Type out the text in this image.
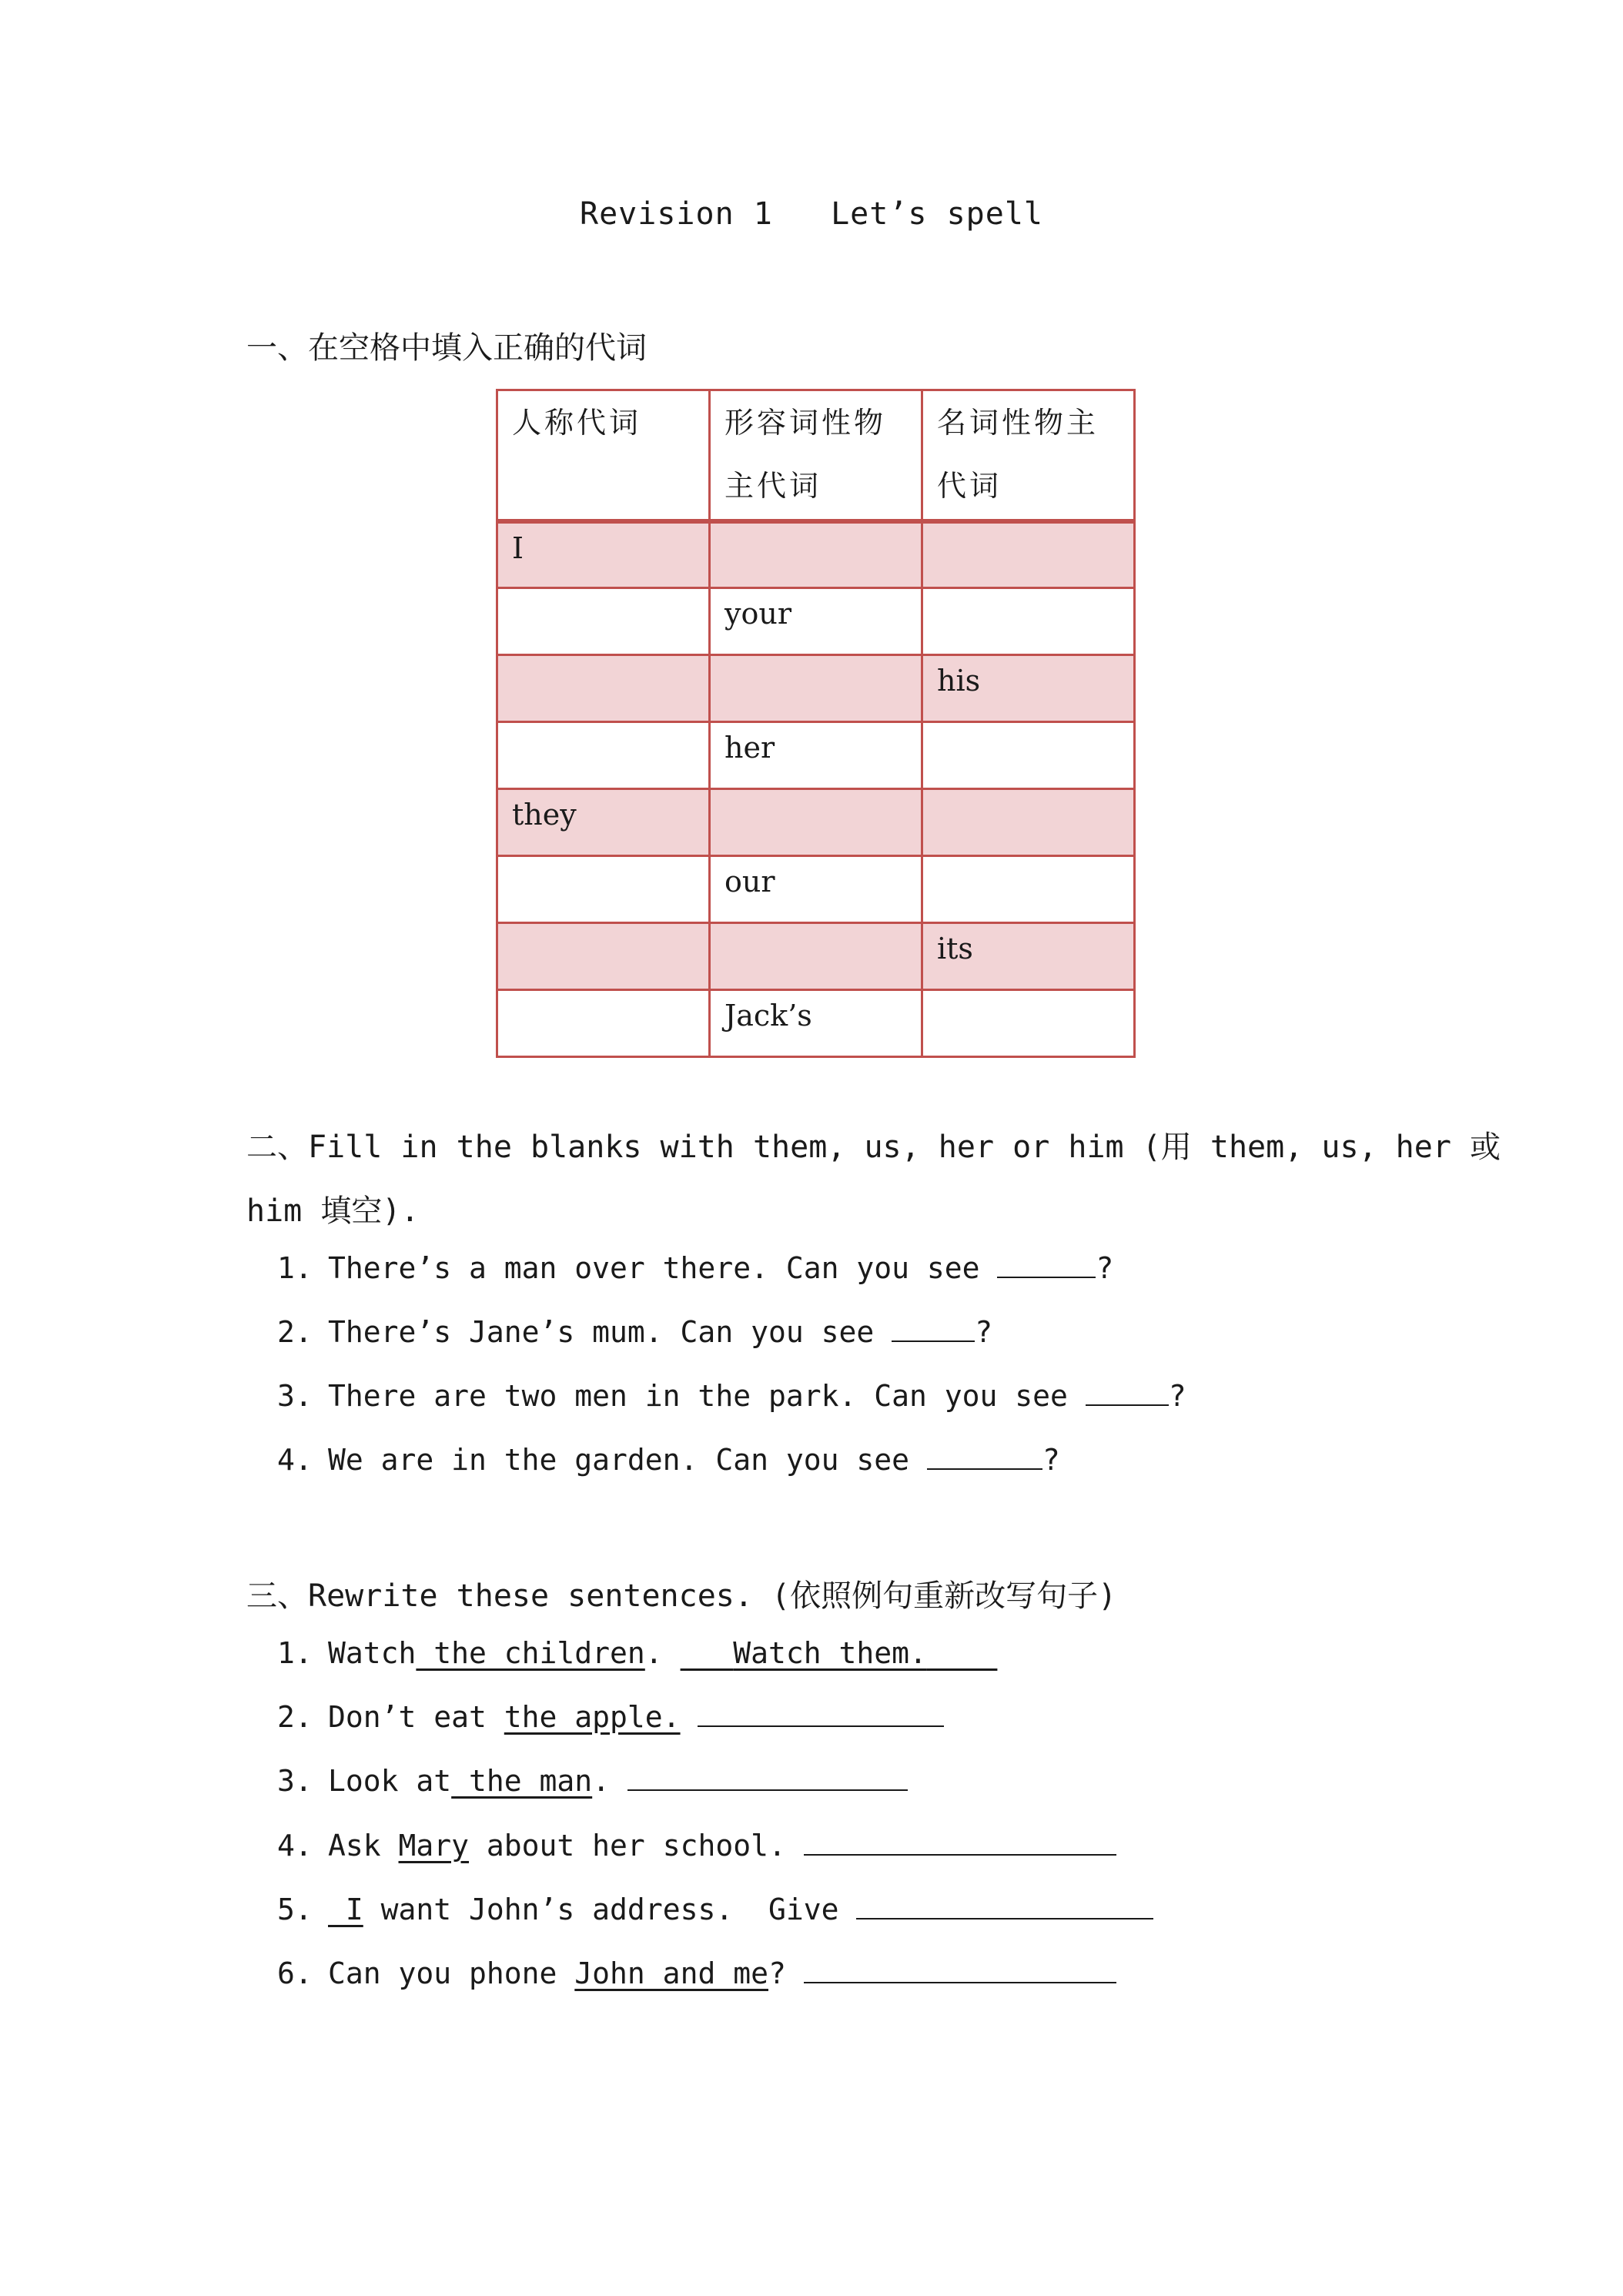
Revision 1   Let’s spell
一、在空格中填入正确的代词
人称代词	形容词性物主代词	名词性物主代词
I		
	your	
		his
	her	
they		
	our	
		its
	Jack’s	
二、Fill in the blanks with them, us, her or him (用 them, us, her 或
him 填空).
1. There’s a man over there. Can you see	?
2. There’s Jane’s mum. Can you see	?
3. There are two men in the park. Can you see	?
4. We are in the garden. Can you see	?
三、Rewrite these sentences. (依照例句重新改写句子)
1. Watch the children.    Watch them.
2. Don’t eat the apple.
3. Look at the man.
4. Ask Mary about her school.
5. I want John’s address.  Give
6. Can you phone John and me?
